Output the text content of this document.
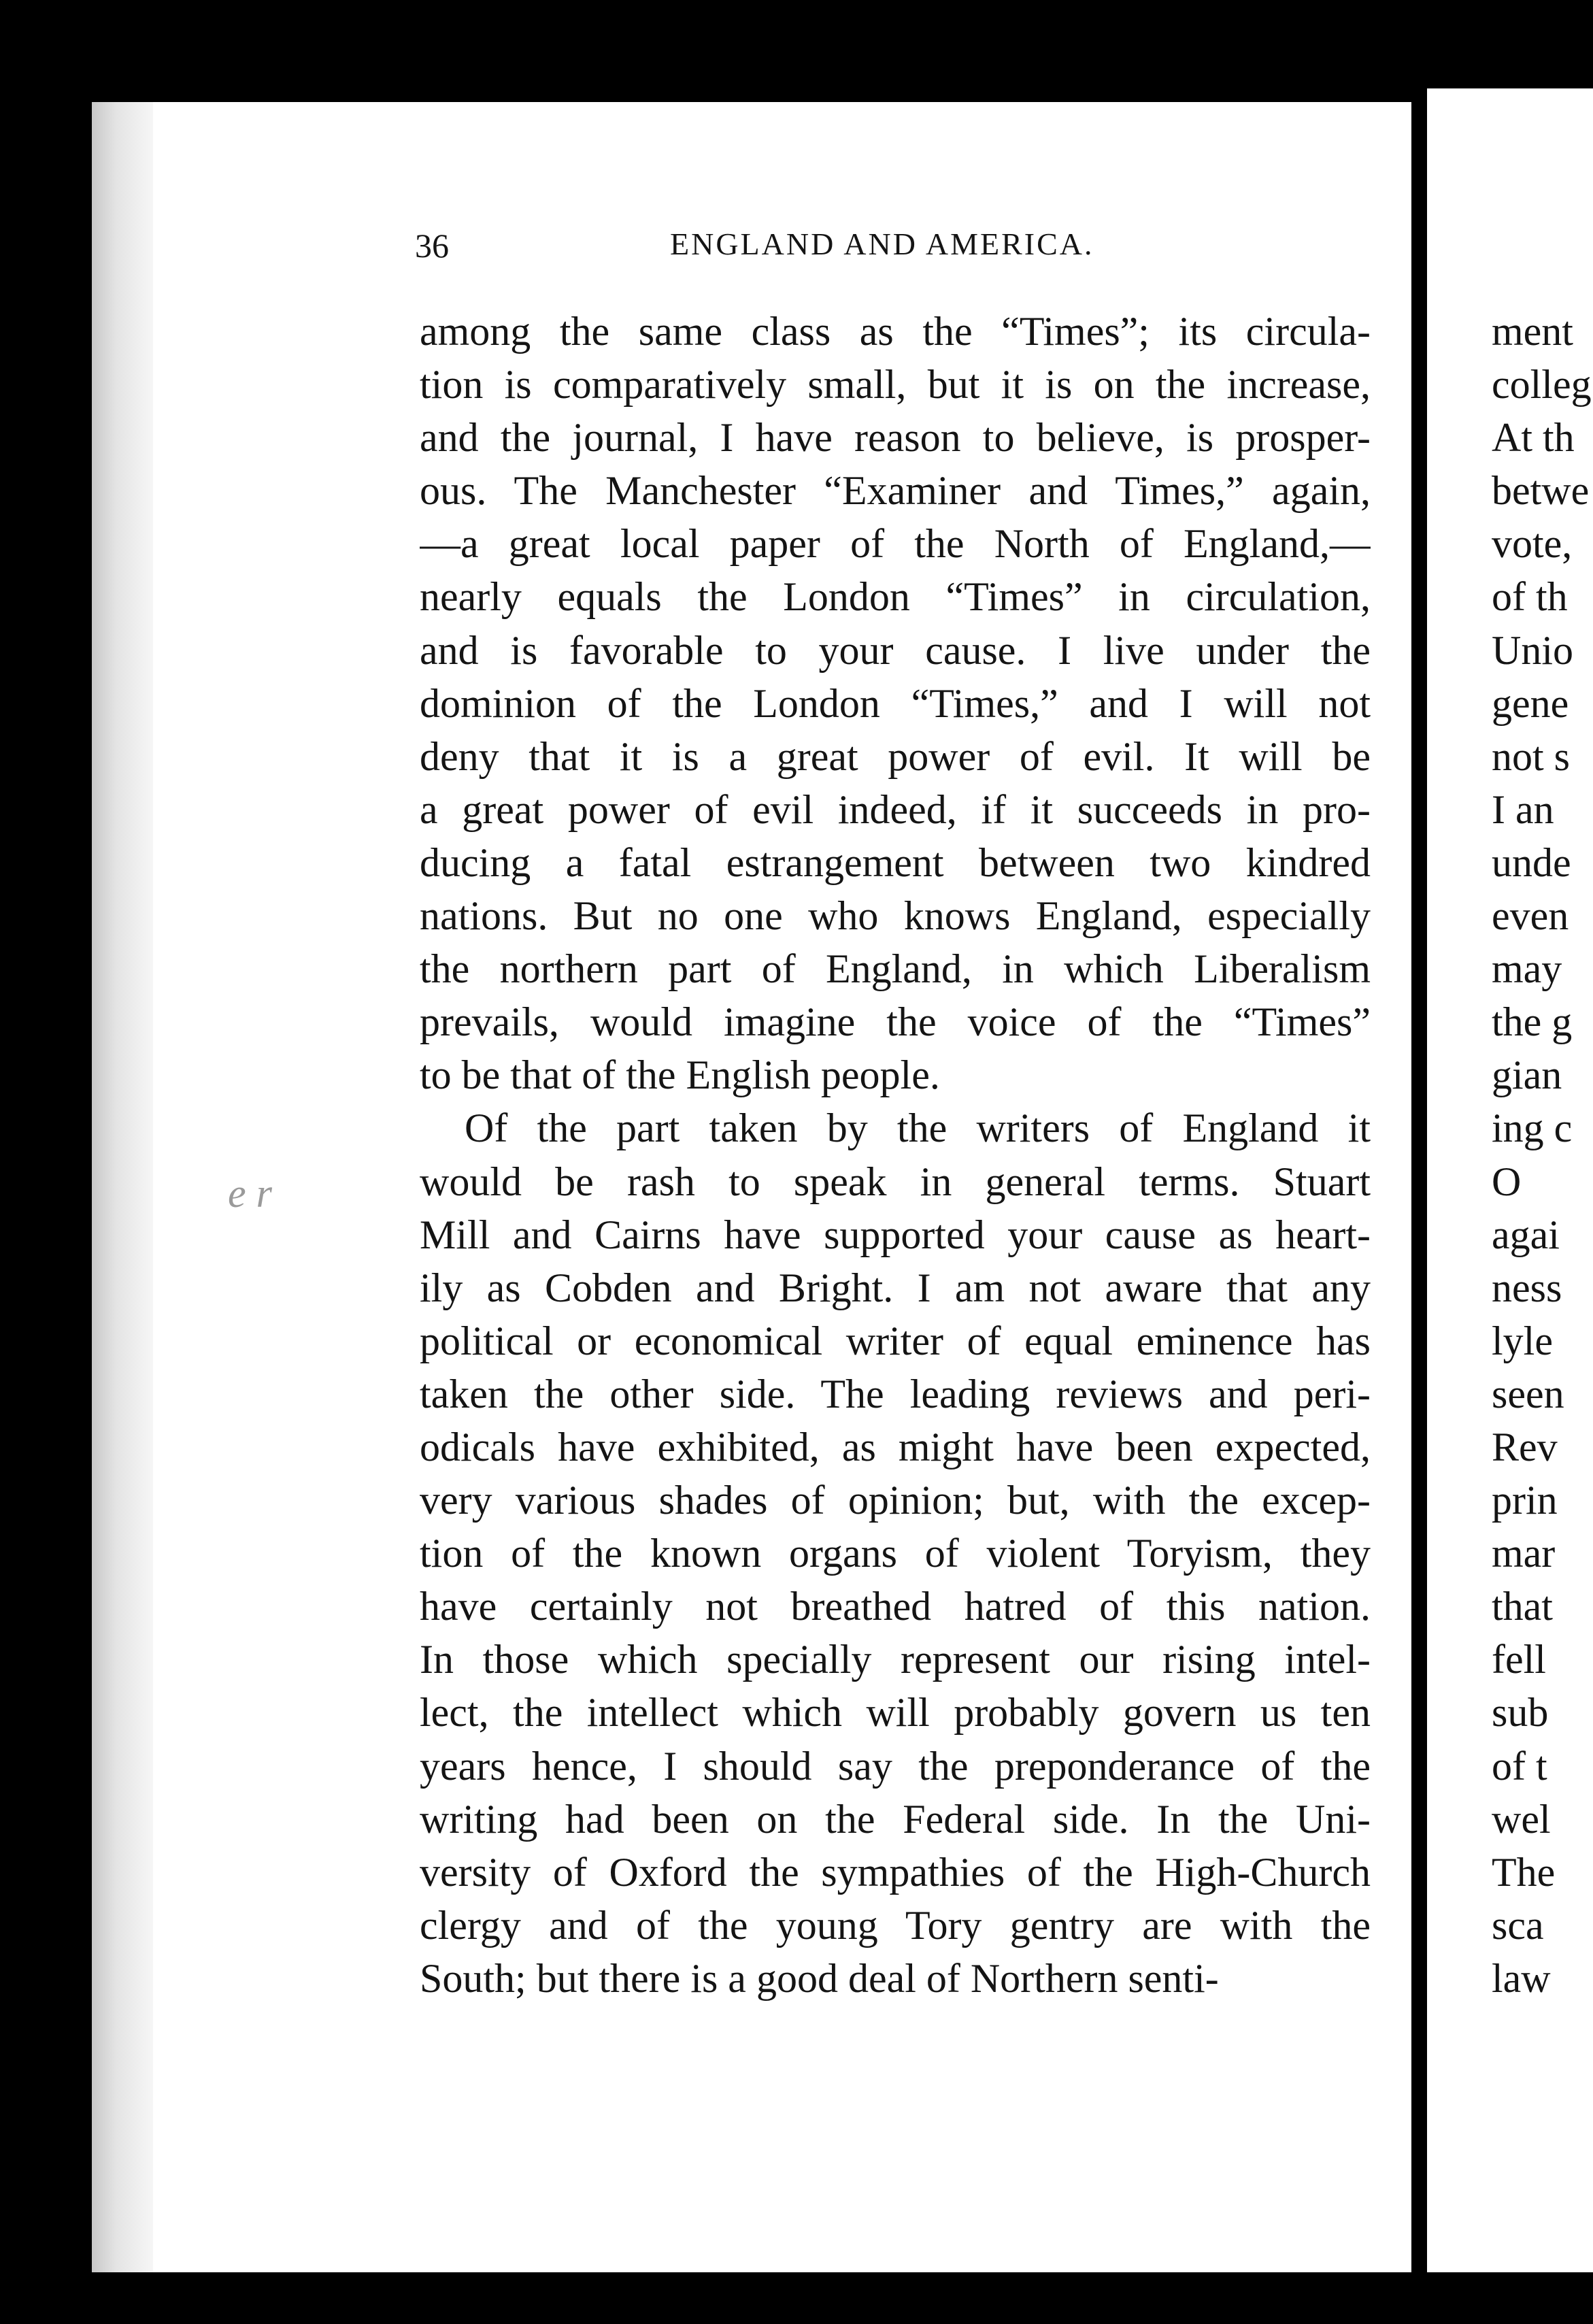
ment
colleg
At th
betwe
vote,
of th
Unio
gene
not s
I an
unde
even
may
the g
gian
ing c
O
agai
ness
lyle
seen
Rev
prin
mar
that
fell
sub
of t
wel
The
sca
law
36	ENGLAND AND AMERICA.
among the same class as the “Times”; its circula-
tion is comparatively small, but it is on the increase,
and the journal, I have reason to believe, is prosper-
ous. The Manchester “Examiner and Times,” again,
—a great local paper of the North of England,—
nearly equals the London “Times” in circulation,
and is favorable to your cause. I live under the
dominion of the London “Times,” and I will not
deny that it is a great power of evil. It will be
a great power of evil indeed, if it succeeds in pro-
ducing a fatal estrangement between two kindred
nations. But no one who knows England, especially
the northern part of England, in which Liberalism
prevails, would imagine the voice of the “Times”
to be that of the English people.
Of the part taken by the writers of England it
would be rash to speak in general terms. Stuart
Mill and Cairns have supported your cause as heart-
ily as Cobden and Bright. I am not aware that any
political or economical writer of equal eminence has
taken the other side. The leading reviews and peri-
odicals have exhibited, as might have been expected,
very various shades of opinion; but, with the excep-
tion of the known organs of violent Toryism, they
have certainly not breathed hatred of this nation.
In those which specially represent our rising intel-
lect, the intellect which will probably govern us ten
years hence, I should say the preponderance of the
writing had been on the Federal side. In the Uni-
versity of Oxford the sympathies of the High-Church
clergy and of the young Tory gentry are with the
South; but there is a good deal of Northern senti-
e r
